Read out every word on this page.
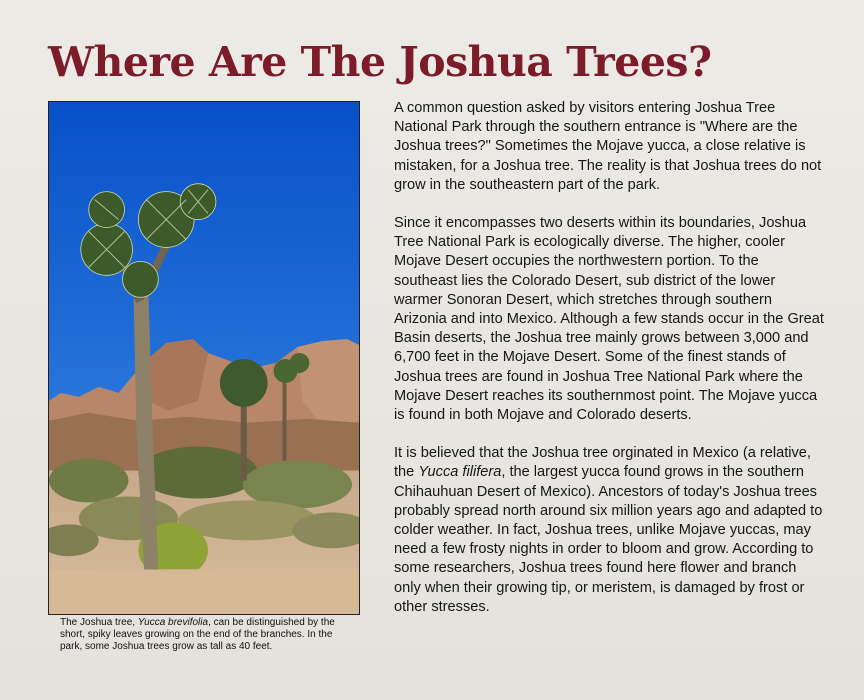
Where Are The Joshua Trees?

The Joshua tree, Yucca brevifolia, can be distinguished by the short, spiky leaves growing on the end of the branches. In the park, some Joshua trees grow as tall as 40 feet.

A common question asked by visitors entering Joshua Tree National Park through the southern entrance is "Where are the Joshua trees?" Sometimes the Mojave yucca, a close relative is mistaken, for a Joshua tree. The reality is that Joshua trees do not grow in the southeastern part of the park.

Since it encompasses two deserts within its boundaries, Joshua Tree National Park is ecologically diverse. The higher, cooler Mojave Desert occupies the northwestern portion. To the southeast lies the Colorado Desert, sub district of the lower warmer Sonoran Desert, which stretches through southern Arizonia and into Mexico. Although a few stands occur in the Great Basin deserts, the Joshua tree mainly grows between 3,000 and 6,700 feet in the Mojave Desert. Some of the finest stands of Joshua trees are found in Joshua Tree National Park where the Mojave Desert reaches its southernmost point. The Mojave yucca is found in both Mojave and Colorado deserts.

It is believed that the Joshua tree orginated in Mexico (a relative, the Yucca filifera, the largest yucca found grows in the southern Chihauhuan Desert of Mexico). Ancestors of today's Joshua trees probably spread north around six million years ago and adapted to colder weather. In fact, Joshua trees, unlike Mojave yuccas, may need a few frosty nights in order to bloom and grow. According to some researchers, Joshua trees found here flower and branch only when their growing tip, or meristem, is damaged by frost or other stresses.
